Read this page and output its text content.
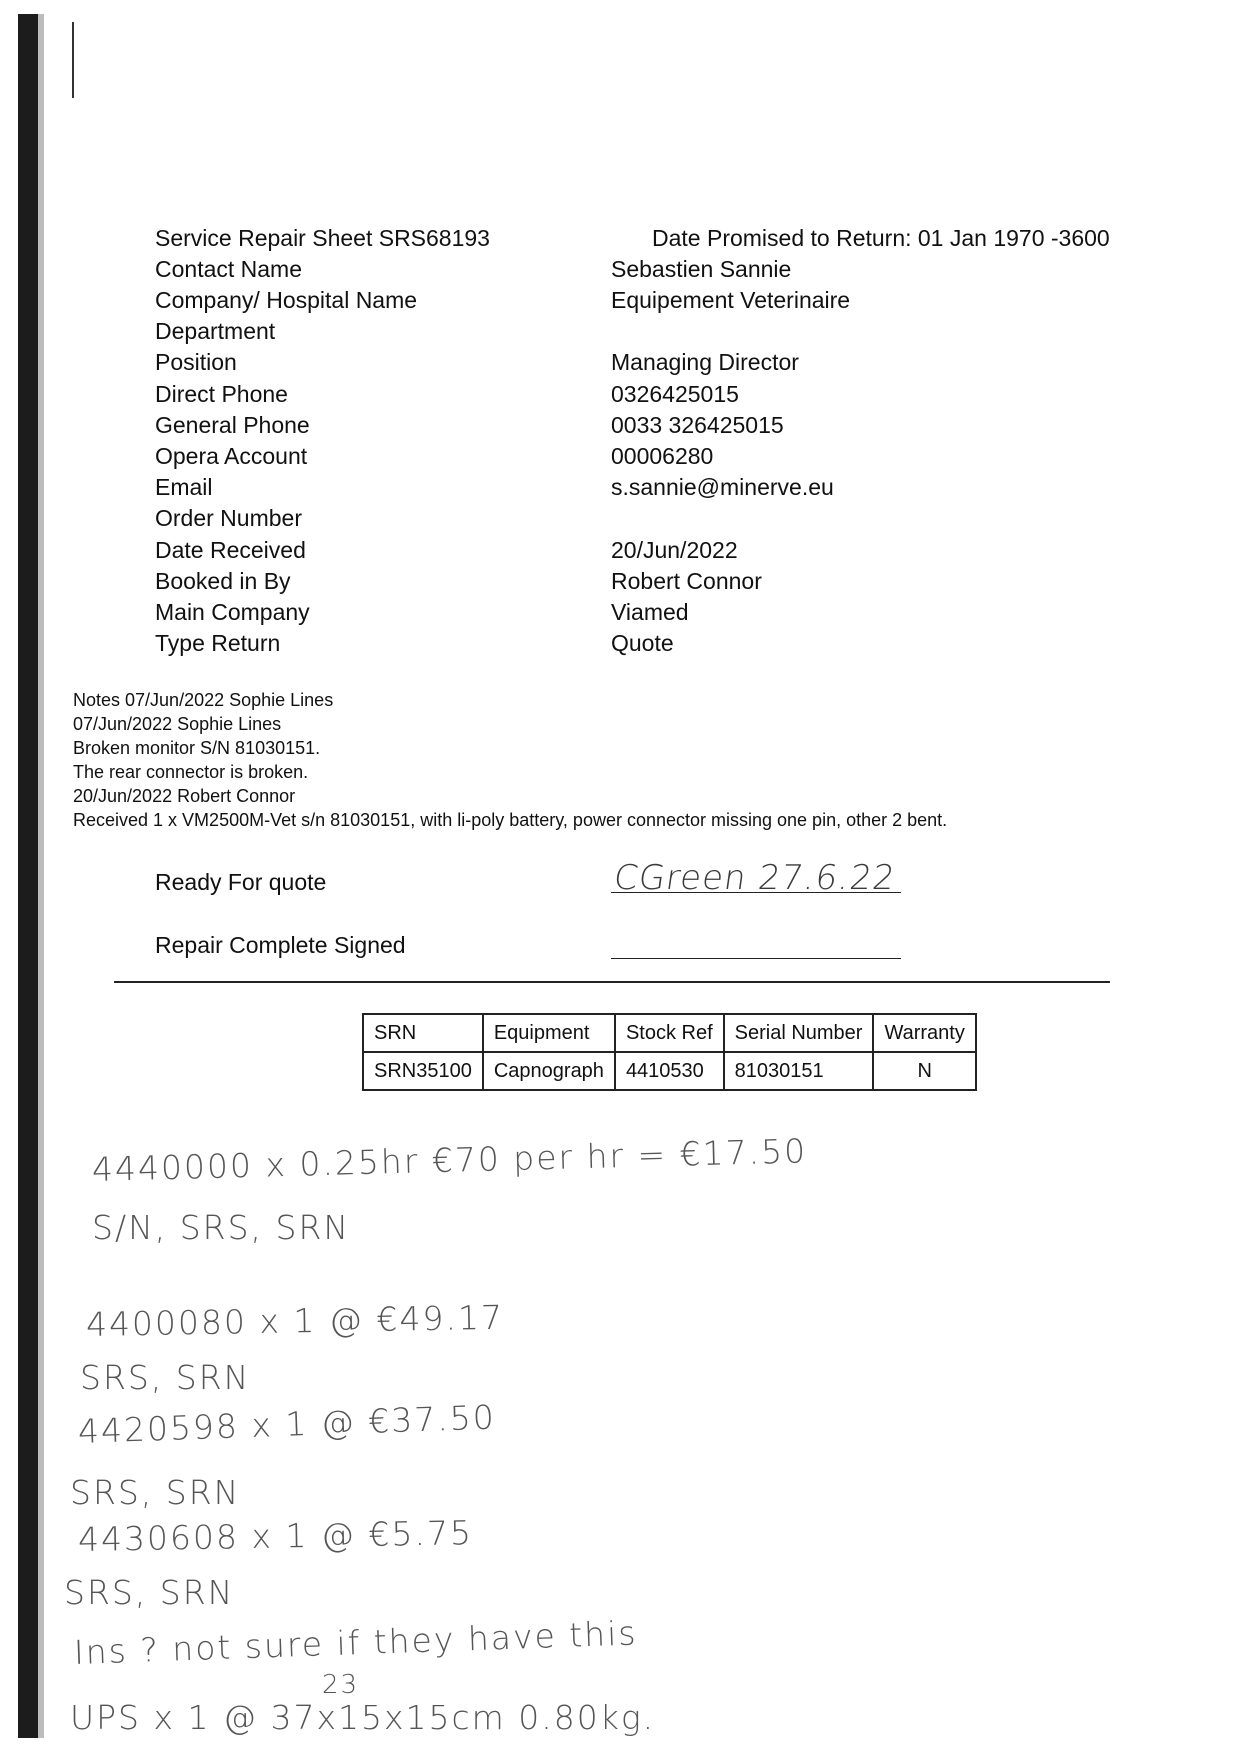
Service Repair Sheet SRS68193	Date Promised to Return: 01 Jan 1970 -3600
Contact Name	Sebastien Sannie
Company/ Hospital Name	Equipement Veterinaire
Department
Position	Managing Director
Direct Phone	0326425015
General Phone	0033 326425015
Opera Account	00006280
Email	s.sannie@minerve.eu
Order Number
Date Received	20/Jun/2022
Booked in By	Robert Connor
Main Company	Viamed
Type Return	Quote
Notes 07/Jun/2022 Sophie Lines
07/Jun/2022 Sophie Lines
Broken monitor S/N 81030151.
The rear connector is broken.
20/Jun/2022 Robert Connor
Received 1 x VM2500M-Vet s/n 81030151, with li-poly battery, power connector missing one pin, other 2 bent.
Ready For quote	CGreen 27.6.22
Repair Complete Signed
SRN	Equipment	Stock Ref	Serial Number	Warranty
SRN35100	Capnograph	4410530	81030151	N
4440000 x 0.25hr €70 per hr = €17.50
S/N, SRS, SRN
4400080 x 1 @ €49.17
SRS, SRN
4420598 x 1 @ €37.50
SRS, SRN
4430608 x 1 @ €5.75
SRS, SRN
Ins ? not sure if they have this
23
UPS x 1 @ 37x15x15cm 0.80kg.
